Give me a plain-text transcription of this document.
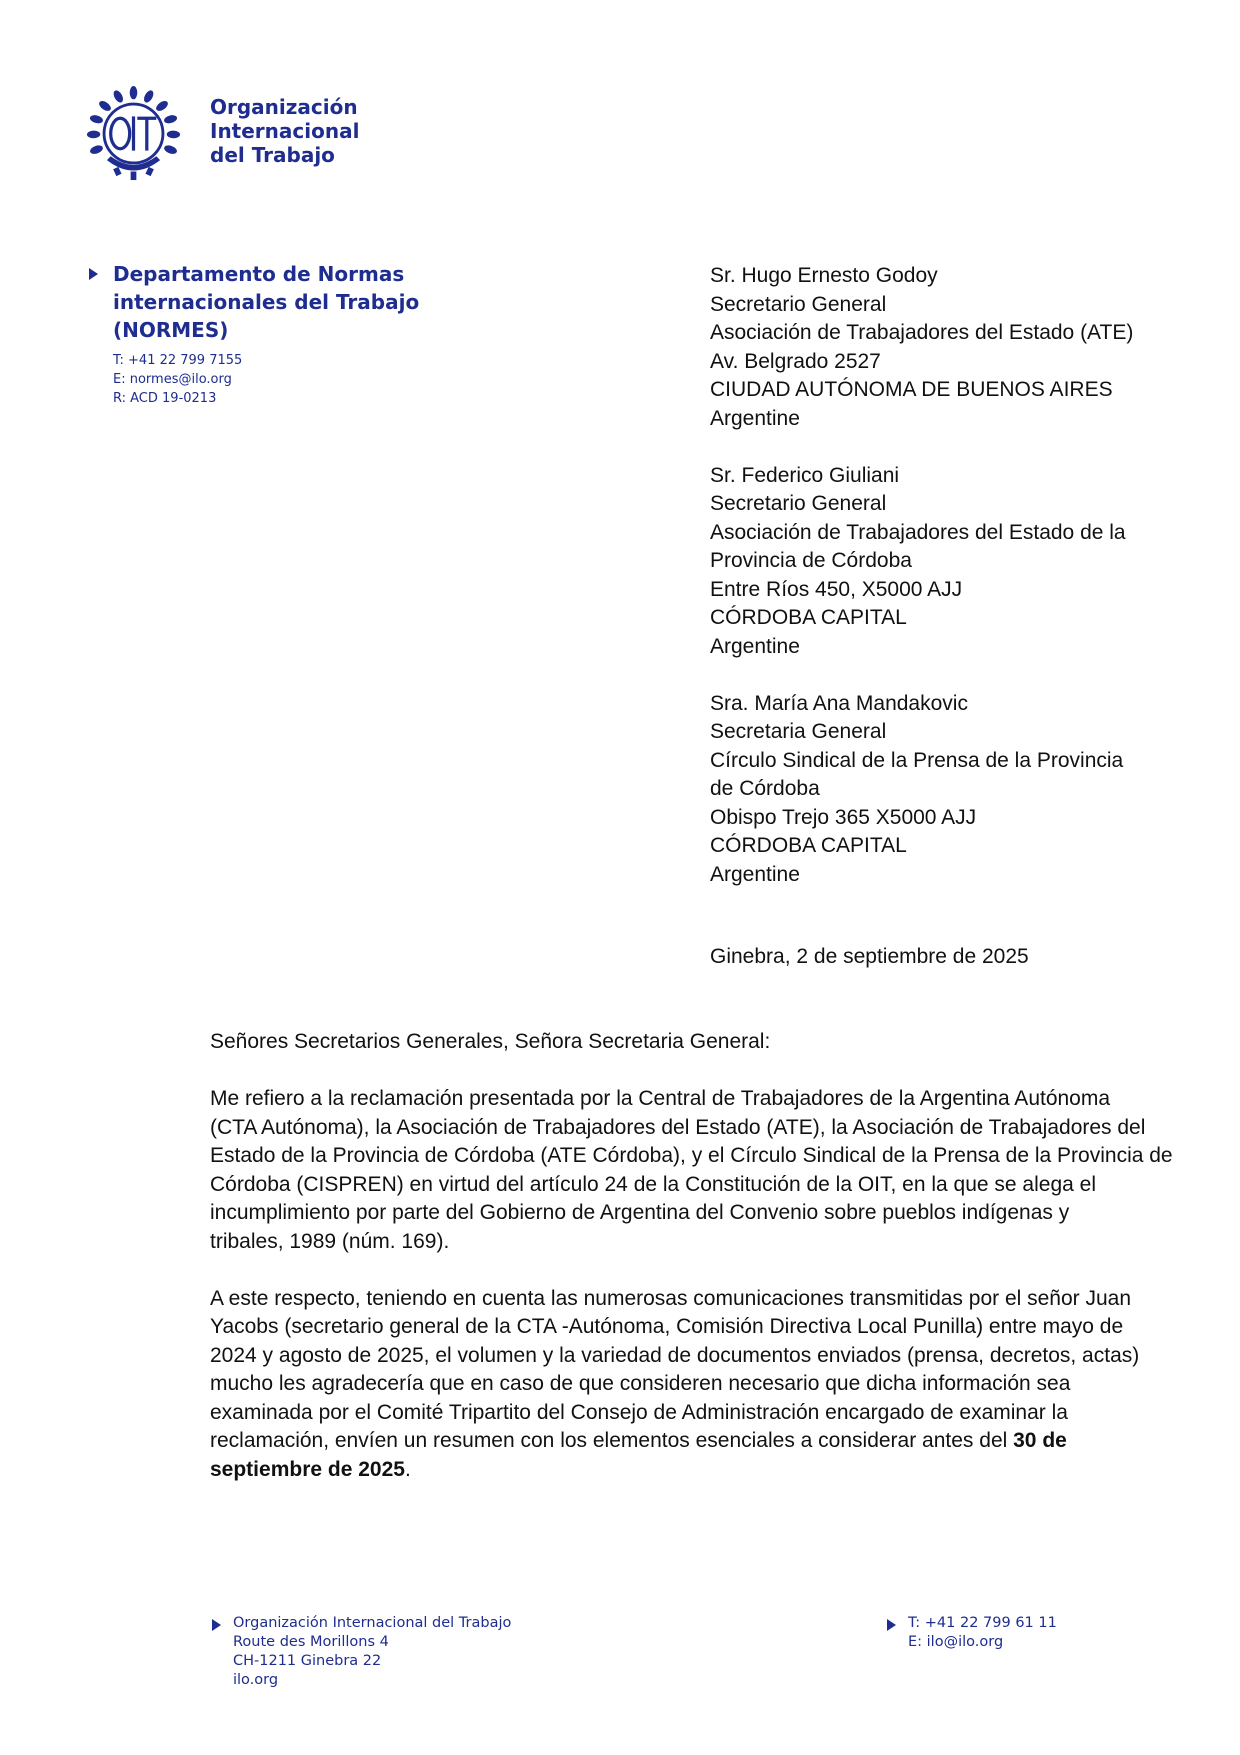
Organización
Internacional
del Trabajo
Departamento de Normas
internacionales del Trabajo
(NORMES)
T: +41 22 799 7155
E: normes@ilo.org
R: ACD 19-0213
Sr. Hugo Ernesto Godoy
Secretario General
Asociación de Trabajadores del Estado (ATE)
Av. Belgrado 2527
CIUDAD AUTÓNOMA DE BUENOS AIRES
Argentine
Sr. Federico Giuliani
Secretario General
Asociación de Trabajadores del Estado de la
Provincia de Córdoba
Entre Ríos 450, X5000 AJJ
CÓRDOBA CAPITAL
Argentine
Sra. María Ana Mandakovic
Secretaria General
Círculo Sindical de la Prensa de la Provincia
de Córdoba
Obispo Trejo 365 X5000 AJJ
CÓRDOBA CAPITAL
Argentine
Ginebra, 2 de septiembre de 2025
Señores Secretarios Generales, Señora Secretaria General:

Me refiero a la reclamación presentada por la Central de Trabajadores de la Argentina Autónoma
(CTA Autónoma), la Asociación de Trabajadores del Estado (ATE), la Asociación de Trabajadores del
Estado de la Provincia de Córdoba (ATE Córdoba), y el Círculo Sindical de la Prensa de la Provincia de
Córdoba (CISPREN) en virtud del artículo 24 de la Constitución de la OIT, en la que se alega el
incumplimiento por parte del Gobierno de Argentina del Convenio sobre pueblos indígenas y
tribales, 1989 (núm. 169).

A este respecto, teniendo en cuenta las numerosas comunicaciones transmitidas por el señor Juan
Yacobs (secretario general de la CTA -Autónoma, Comisión Directiva Local Punilla) entre mayo de
2024 y agosto de 2025, el volumen y la variedad de documentos enviados (prensa, decretos, actas)
mucho les agradecería que en caso de que consideren necesario que dicha información sea
examinada por el Comité Tripartito del Consejo de Administración encargado de examinar la
reclamación, envíen un resumen con los elementos esenciales a considerar antes del 30 de
septiembre de 2025.

Organización Internacional del Trabajo
Route des Morillons 4
CH-1211 Ginebra 22
ilo.org
T: +41 22 799 61 11
E: ilo@ilo.org
